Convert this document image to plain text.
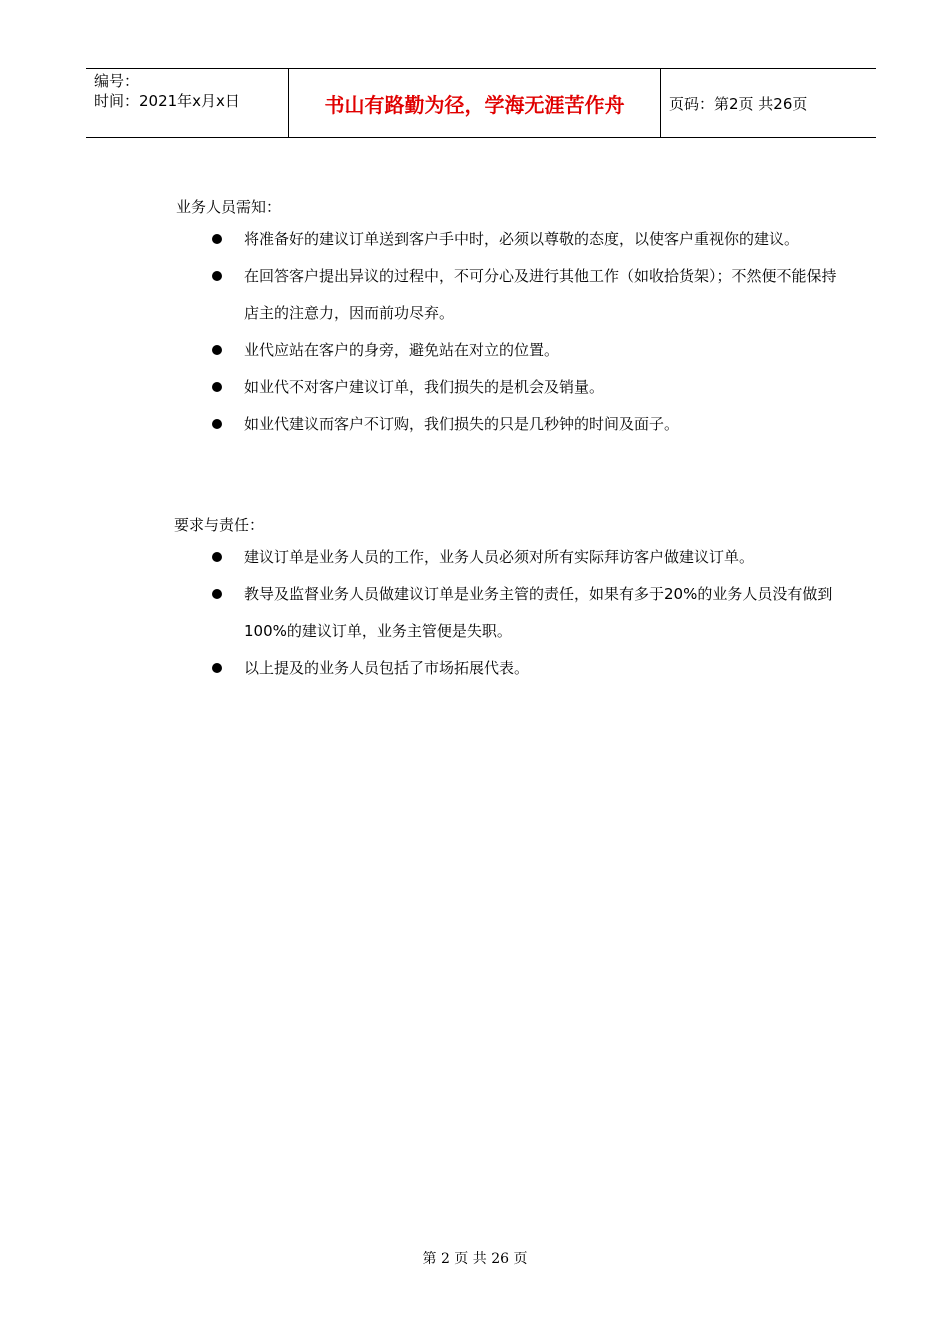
编号：
时间：2021年x月x日	书山有路勤为径，学海无涯苦作舟	页码：第2页 共26页
业务人员需知：
将准备好的建议订单送到客户手中时，必须以尊敬的态度，以使客户重视你的建议。
在回答客户提出异议的过程中，不可分心及进行其他工作（如收拾货架）；不然便不能保持店主的注意力，因而前功尽弃。
业代应站在客户的身旁，避免站在对立的位置。
如业代不对客户建议订单，我们损失的是机会及销量。
如业代建议而客户不订购，我们损失的只是几秒钟的时间及面子。
要求与责任：
建议订单是业务人员的工作，业务人员必须对所有实际拜访客户做建议订单。
教导及监督业务人员做建议订单是业务主管的责任，如果有多于20%的业务人员没有做到100%的建议订单，业务主管便是失职。
以上提及的业务人员包括了市场拓展代表。
第 2 页 共 26 页
